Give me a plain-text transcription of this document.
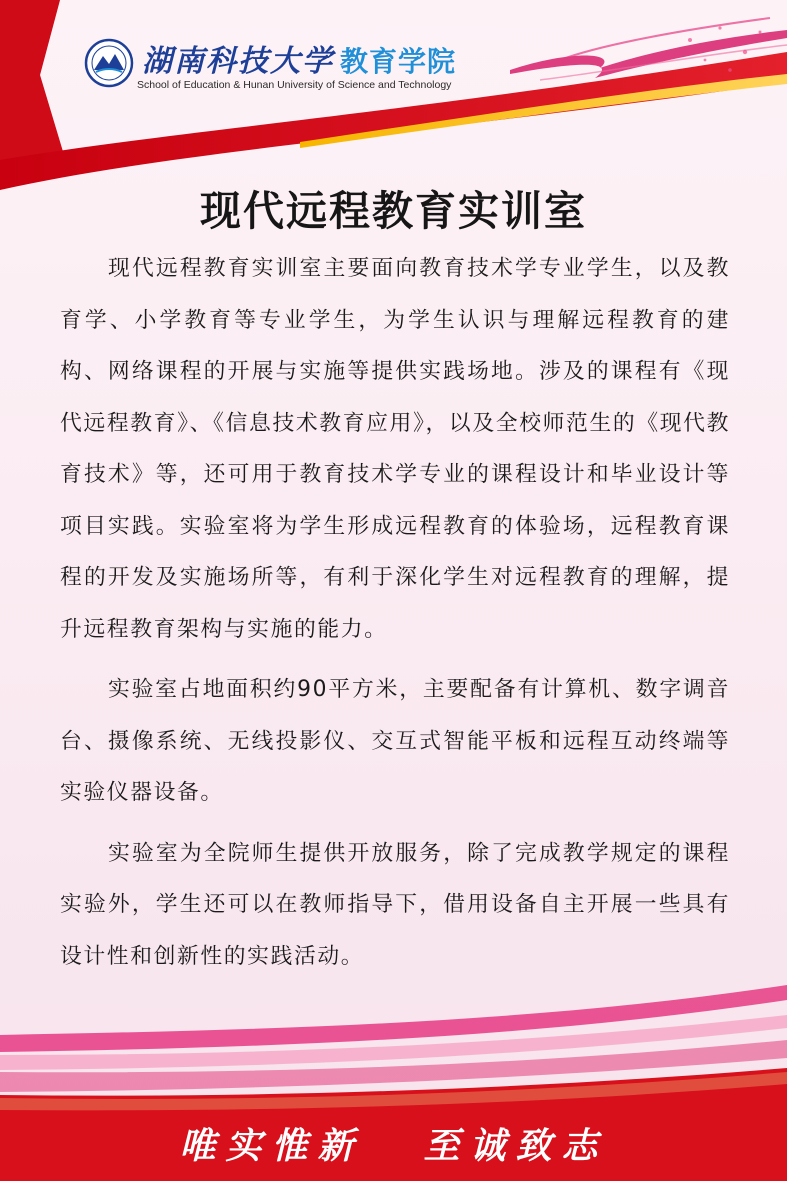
湖南科技大学 教育学院
School of Education & Hunan University of Science and Technology
现代远程教育实训室

现代远程教育实训室主要面向教育技术学专业学生，以及教育学、小学教育等专业学生，为学生认识与理解远程教育的建构、网络课程的开展与实施等提供实践场地。涉及的课程有《现代远程教育》、《信息技术教育应用》，以及全校师范生的《现代教育技术》等，还可用于教育技术学专业的课程设计和毕业设计等项目实践。实验室将为学生形成远程教育的体验场，远程教育课程的开发及实施场所等，有利于深化学生对远程教育的理解，提升远程教育架构与实施的能力。

实验室占地面积约90平方米，主要配备有计算机、数字调音台、摄像系统、无线投影仪、交互式智能平板和远程互动终端等实验仪器设备。

实验室为全院师生提供开放服务，除了完成教学规定的课程实验外，学生还可以在教师指导下，借用设备自主开展一些具有设计性和创新性的实践活动。

唯实惟新 至诚致志
